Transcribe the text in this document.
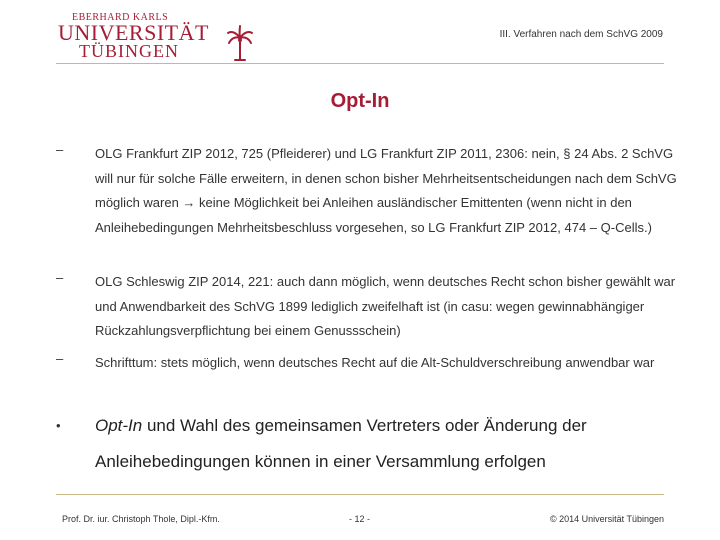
EBERHARD KARLS
UNIVERSITÄT
TÜBINGEN
III. Verfahren nach dem SchVG 2009
Opt-In
– OLG Frankfurt ZIP 2012, 725 (Pfleiderer) und LG Frankfurt ZIP 2011, 2306: nein, § 24 Abs. 2 SchVG will nur für solche Fälle erweitern, in denen schon bisher Mehrheitsentscheidungen nach dem SchVG möglich waren → keine Möglichkeit bei Anleihen ausländischer Emittenten (wenn nicht in den Anleihebedingungen Mehrheitsbeschluss vorgesehen, so LG Frankfurt ZIP 2012, 474 – Q-Cells.)
– OLG Schleswig ZIP 2014, 221: auch dann möglich, wenn deutsches Recht schon bisher gewählt war und Anwendbarkeit des SchVG 1899 lediglich zweifelhaft ist (in casu: wegen gewinnabhängiger Rückzahlungsverpflichtung bei einem Genussschein)
– Schrifttum: stets möglich, wenn deutsches Recht auf die Alt-Schuldverschreibung anwendbar war
• Opt-In und Wahl des gemeinsamen Vertreters oder Änderung der Anleihebedingungen können in einer Versammlung erfolgen
Prof. Dr. iur. Christoph Thole, Dipl.-Kfm.	- 12 -	© 2014 Universität Tübingen
